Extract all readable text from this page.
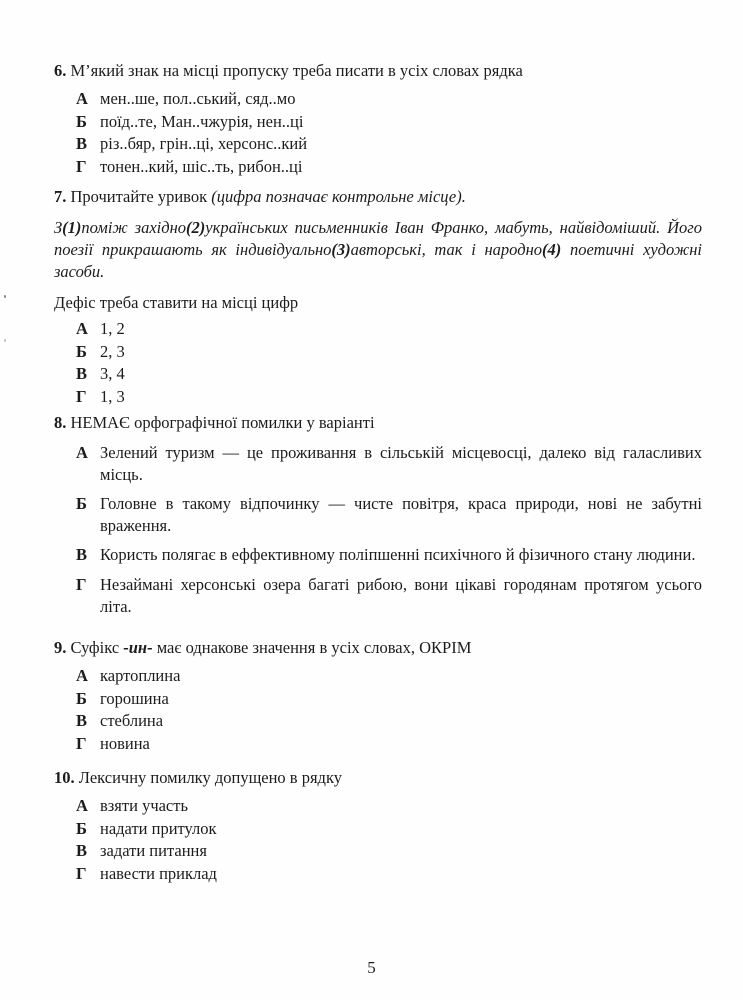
6. М’який знак на місці пропуску треба писати в усіх словах рядка

А мен..ше, пол..ський, сяд..мо
Б поїд..те, Ман..чжурія, нен..ці
В різ..бяр, грін..ці, херсонс..кий
Г тонен..кий, шіс..ть, рибон..ці

7. Прочитайте уривок (цифра позначає контрольне місце).

З(1)поміж західно(2)українських письменників Іван Франко, мабуть, найвідоміший. Його поезії прикрашають як індивідуально(3)авторські, так і народно(4) поетичні художні засоби.

Дефіс треба ставити на місці цифр

А 1, 2
Б 2, 3
В 3, 4
Г 1, 3

8. НЕМАЄ орфографічної помилки у варіанті

А Зелений туризм — це проживання в сільській місцевосці, далеко від галасливих місць.
Б Головне в такому відпочинку — чисте повітря, краса природи, нові не забутні враження.
В Користь полягає в еффективному поліпшенні психічного й фізичного стану людини.
Г Незаймані херсонські озера багаті рибою, вони цікаві городянам протягом усього літа.

9. Суфікс -ин- має однакове значення в усіх словах, ОКРІМ

А картоплина
Б горошина
В стеблина
Г новина

10. Лексичну помилку допущено в рядку

А взяти участь
Б надати притулок
В задати питання
Г навести приклад
5
